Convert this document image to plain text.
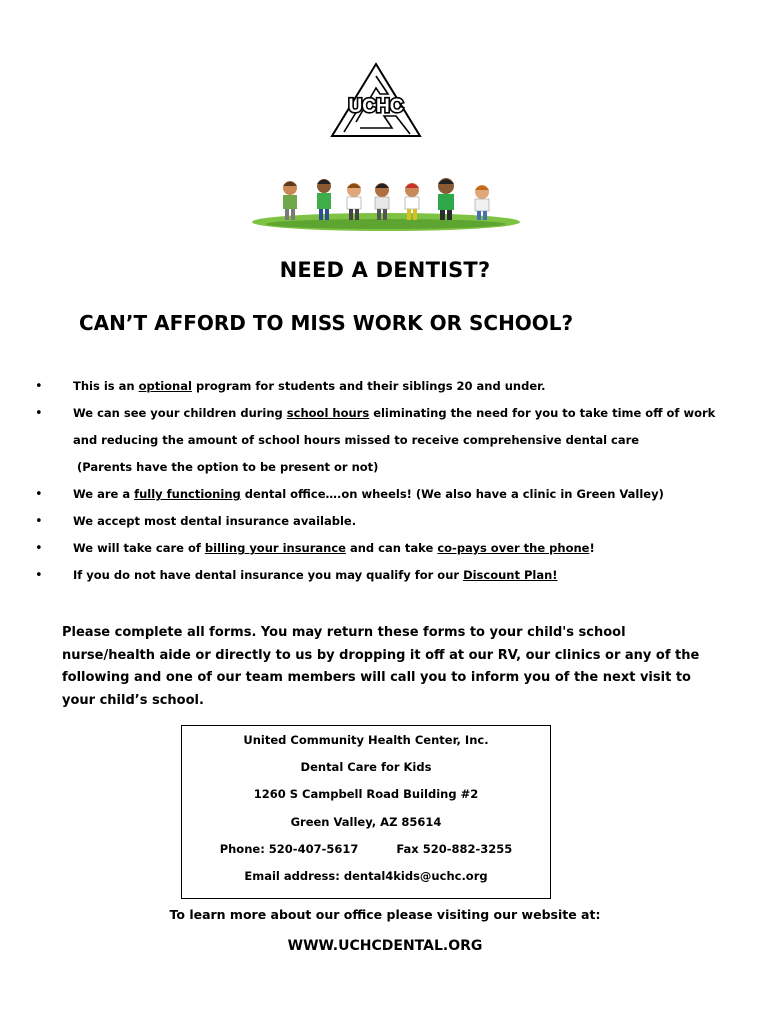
UCHC
NEED A DENTIST?
CAN’T AFFORD TO MISS WORK OR SCHOOL?
• This is an optional program for students and their siblings 20 and under.
• We can see your children during school hours eliminating the need for you to take time off of work
and reducing the amount of school hours missed to receive comprehensive dental care
(Parents have the option to be present or not)
• We are a fully functioning dental office….on wheels! (We also have a clinic in Green Valley)
• We accept most dental insurance available.
• We will take care of billing your insurance and can take co-pays over the phone!
• If you do not have dental insurance you may qualify for our Discount Plan!
Please complete all forms. You may return these forms to your child's school nurse/health aide or directly to us by dropping it off at our RV, our clinics or any of the following and one of our team members will call you to inform you of the next visit to your child’s school.

United Community Health Center, Inc.

Dental Care for Kids

1260 S Campbell Road Building #2

Green Valley, AZ 85614

Phone: 520-407-5617	Fax 520-882-3255

Email address: dental4kids@uchc.org

To learn more about our office please visiting our website at:
WWW.UCHCDENTAL.ORG
